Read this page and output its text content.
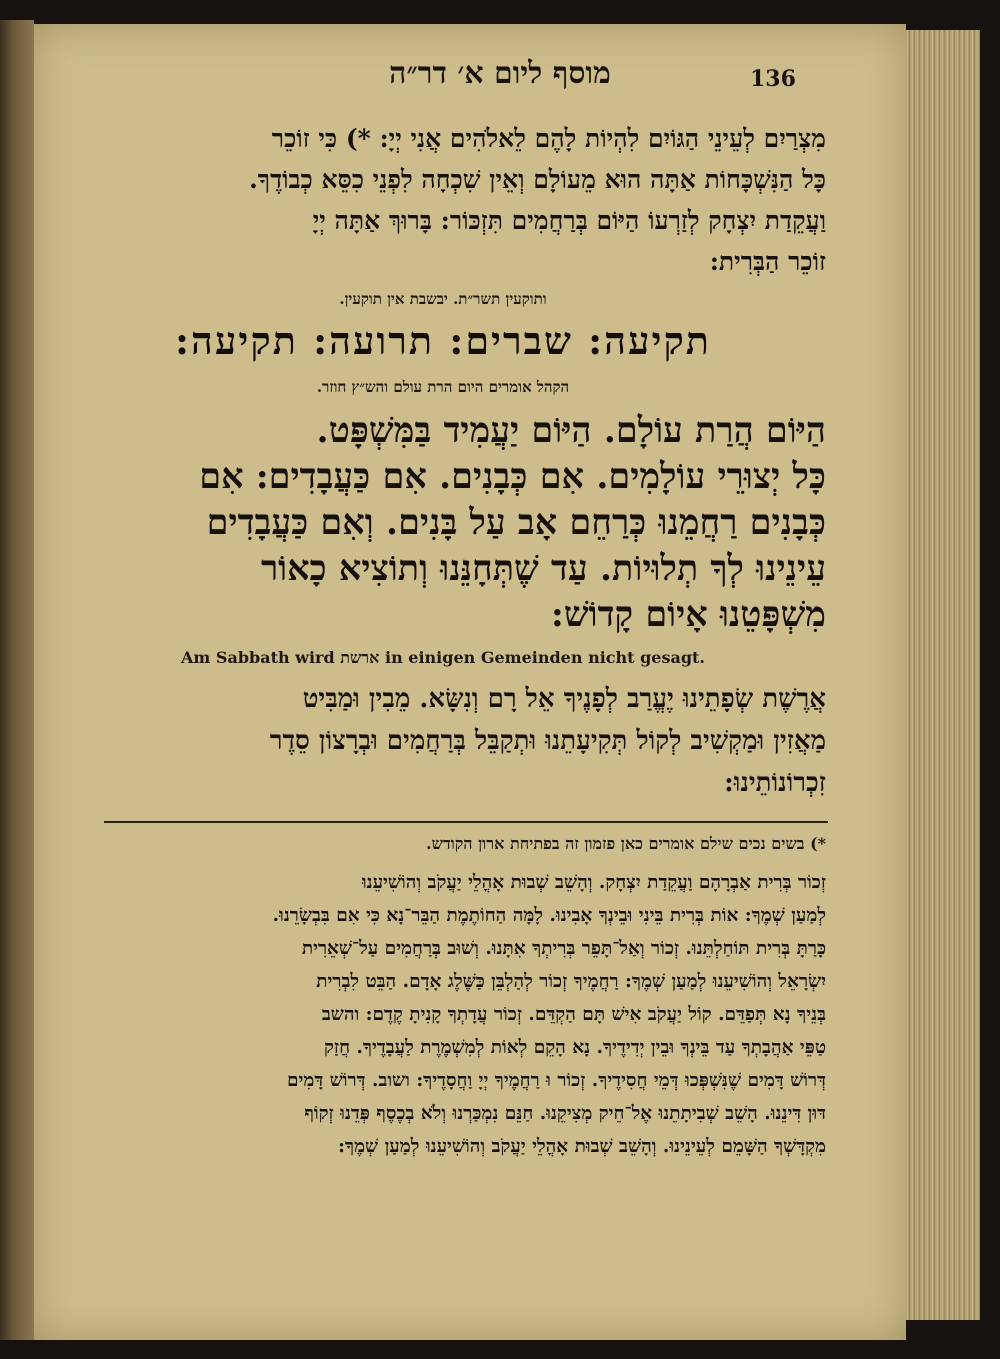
מוסף ליום א׳ דר״ה	136
מִצְרַיִם לְעֵינֵי הַגּוֹיִם לִהְיוֹת לָהֶם לֵאלֹהִים אֲנִי יְיָ: *) כִּי זוֹכֵר
כָּל הַנִּשְׁכָּחוֹת אַתָּה הוּא מֵעוֹלָם וְאֵין שִׁכְחָה לִפְנֵי כִסֵּא כְבוֹדֶךָ.
וַעֲקֵדַת יִצְחָק לְזַרְעוֹ הַיּוֹם בְּרַחֲמִים תִּזְכּוֹר: בָּרוּךְ אַתָּה יְיָ
זוֹכֵר הַבְּרִית:
ותוקעין תשר״ת. יבשבת אין תוקעין.
תקיעה: שברים: תרועה: תקיעה:
הקהל אומרים היום הרת עולם והש״ץ חוזר.
הַיּוֹם הֲרַת עוֹלָם. הַיּוֹם יַעֲמִיד בַּמִּשְׁפָּט.
כָּל יְצוּרֵי עוֹלָמִים. אִם כְּבָנִים. אִם כַּעֲבָדִים: אִם
כְּבָנִים רַחֲמֵנוּ כְּרַחֵם אָב עַל בָּנִים. וְאִם כַּעֲבָדִים
עֵינֵינוּ לְךָ תְלוּיוֹת. עַד שֶׁתְּחָנֵּנוּ וְתוֹצִיא כָאוֹר
מִשְׁפָּטֵנוּ אָיוֹם קָדוֹשׁ:
Am Sabbath wird ארשת in einigen Gemeinden nicht gesagt.
אֲרֶשֶׁת שְׂפָתֵינוּ יֶעֱרַב לְפָנֶיךָ אֵל רָם וְנִשָּׂא. מֵבִין וּמַבִּיט
מַאֲזִין וּמַקְשִׁיב לְקוֹל תְּקִיעָתֵנוּ וּתְקַבֵּל בְּרַחֲמִים וּבְרָצוֹן סֵדֶר
זִכְרוֹנוֹתֵינוּ:
*) בשים נכים שילם אומרים כאן פזמון זה בפתיחת ארון הקודש.
זְכוֹר בְּרִית אַבְרָהָם וַעֲקֵדַת יִצְחָק. וְהָשֵׁב שְׁבוּת אָהֳלֵי יַעֲקֹב וְהוֹשִׁיעֵנוּ
לְמַעַן שְׁמֶךָ: אוֹת בְּרִית בֵּינִי וּבֵינְךָ אָבִינוּ. לָמָּה הַחוֹתֶמֶת הַבֵּר־נָא כִּי אִם בִּבְשָׂרֵנוּ.
כָּרַתָּ בְּרִית תּוֹחַלְתֵּנוּ. זְכוֹר וְאַל־תָּפֵר בְּרִיתְךָ אִתָּנוּ. וְשׁוּב בְּרַחֲמִים עַל־שְׁאֵרִית
יִשְׂרָאֵל וְהוֹשִׁיעֵנוּ לְמַעַן שְׁמֶךָ: רַחֲמֶיךָ זְכוֹר לְהַלְבֵּן כַּשֶּׁלֶג אָדָם. הַבֵּט לִבְרִית
בְּנֵיךָ נָא תְּפַדֵּם. קוֹל יַעֲקֹב אִישׁ תָּם הַקְדֵּם. זְכוֹר עֲדָתְךָ קָנִיתָ קֶדֶם: והשב
טַפֵּי אַהֲבָתְךָ עַד בֵּינְךָ וּבֵין יְדִידֶיךָ. נָא הָקֵם לְאוֹת לְמִשְׁמֶרֶת לַעֲבָדֶיךָ. חֲזַק
דְּרוֹשׁ דָּמִים שֶׁנִּשְׁפְּכוּ דְּמֵי חֲסִידֶיךָ. זְכוֹר וּ רַחֲמֶיךָ יְיָ וַחֲסָדֶיךָ: ושוב. דְּרוֹשׁ דָּמִים
דּוּן דִּינֵנוּ. הָשֵׁב שְׁבִיתָתֵנוּ אֶל־חֵיק מְצִיקֵנוּ. חַנֵּם נִמְכַּרְנוּ וְלֹא בְכֶסֶף פְּדֵנוּ זְקוֹף
מִקְדָּשְׁךָ הַשָּׁמֵם לְעֵינֵינוּ. וְהָשֵׁב שְׁבוּת אָהֳלֵי יַעֲקֹב וְהוֹשִׁיעֵנוּ לְמַעַן שְׁמֶךָ:
